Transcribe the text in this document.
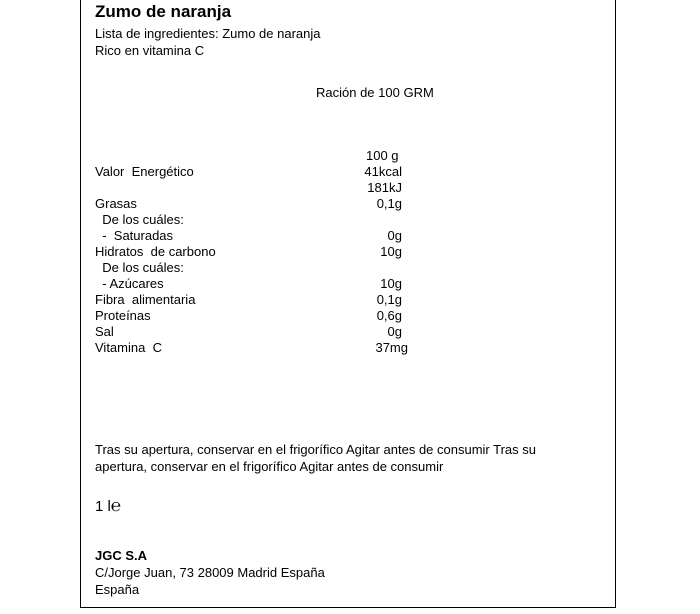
Zumo de naranja
Lista de ingredientes: Zumo de naranja
Rico en vitamina C
Ración de 100 GRM
100 g
Valor  Energético	41kcal
181kJ
Grasas	0,1g
De los cuáles:
-  Saturadas	0g
Hidratos  de carbono	10g
De los cuáles:
- Azúcares	10g
Fibra  alimentaria	0,1g
Proteínas	0,6g
Sal	0g
Vitamina  C	37mg
Tras su apertura, conservar en el frigorífico Agitar antes de consumir Tras su apertura, conservar en el frigorífico Agitar antes de consumir
1 l℮
JGC S.A
C/Jorge Juan, 73 28009 Madrid España
España
